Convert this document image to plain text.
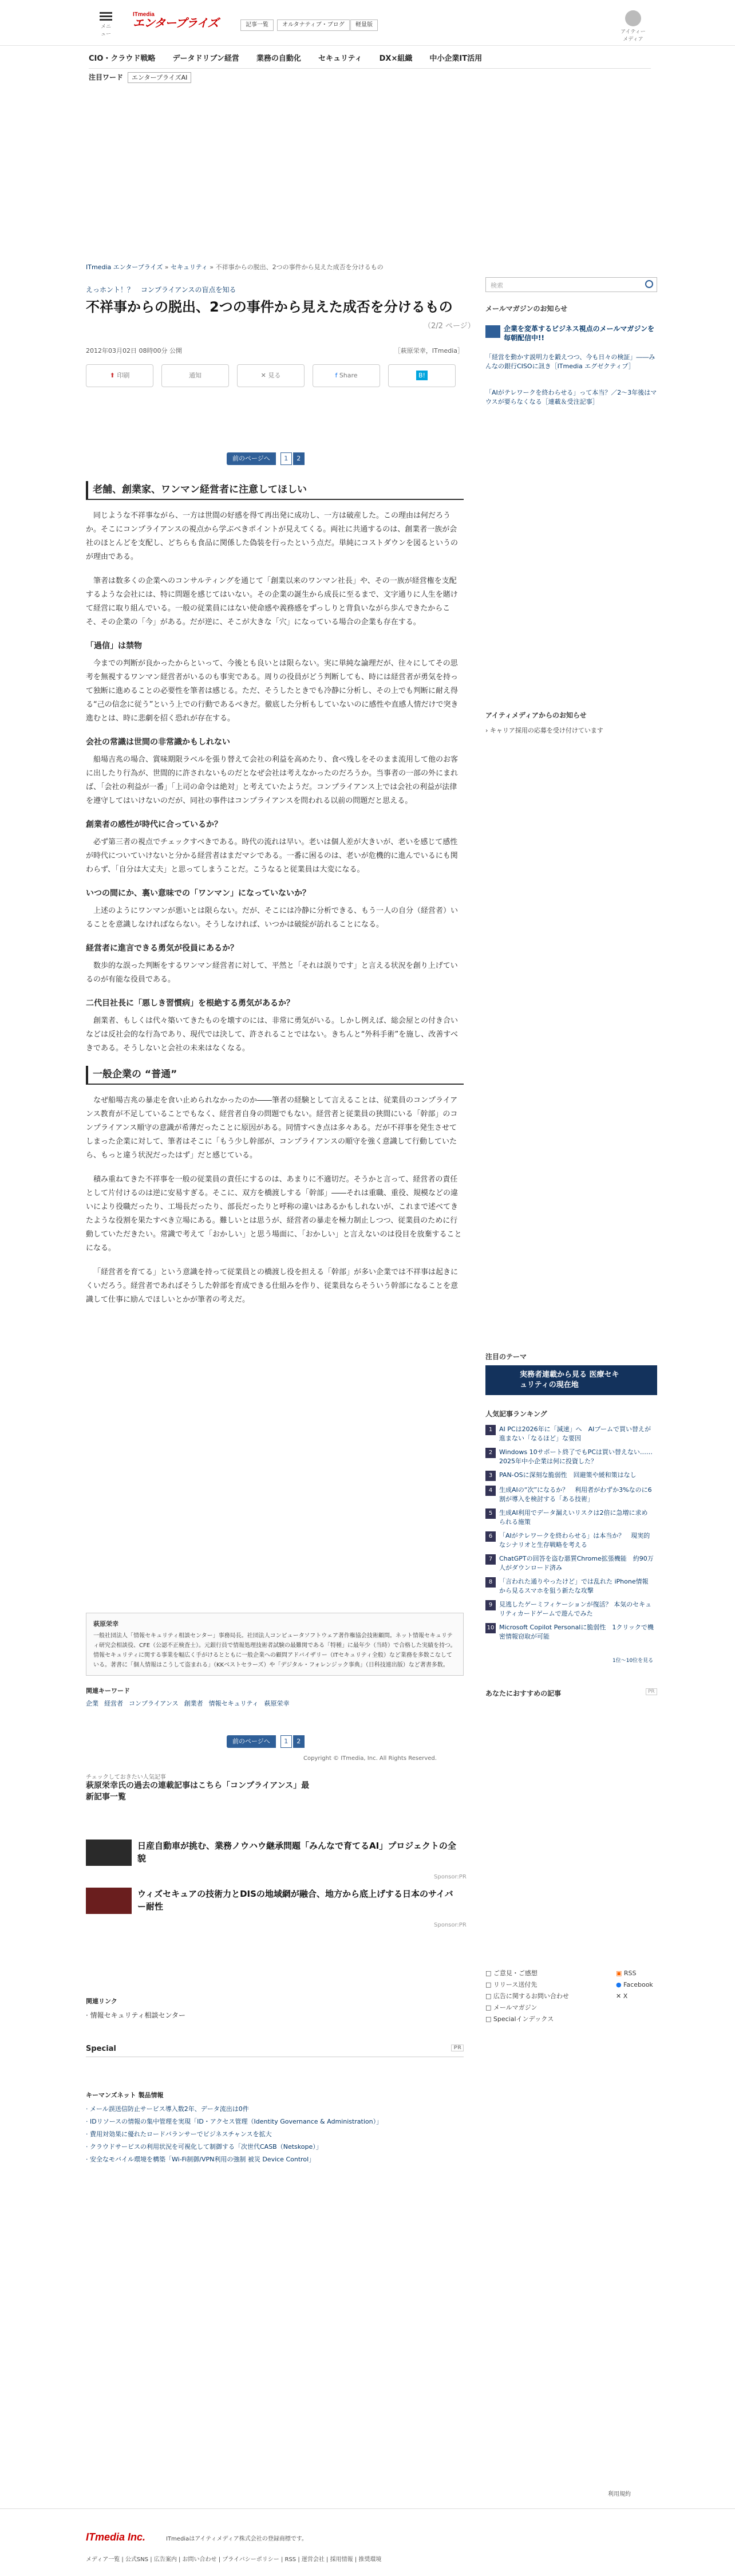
メニュー
ITmedia
エンタープライズ	記事一覧	オルタナティブ・ブログ	軽量版
アイティーメディア
CIO・クラウド戦略 データドリブン経営 業務の自動化 セキュリティ DX×組織 中小企業IT活用
注目ワード エンタープライズAI
ITmedia エンタープライズ » セキュリティ » 不祥事からの脱出、2つの事件から見えた成否を分けるもの
えっホント！？　コンプライアンスの盲点を知る
不祥事からの脱出、2つの事件から見えた成否を分けるもの
（2/2 ページ）
2012年03月02日 08時00分 公開	［萩原栄幸，ITmedia］
⬆ 印刷	通知	✕ 見る	f Share	B!
前のページへ 1 2
老舗、創業家、ワンマン経営者に注意してほしい

同じような不祥事ながら、一方は世間の好感を得て再出発に成功し、一方は破産した。この理由は何だろうか。そこにコンプライアンスの視点から学ぶべきポイントが見えてくる。両社に共通するのは、創業者一族が会社のほとんどを支配し、どちらも食品に関係した偽装を行ったという点だ。単純にコストダウンを図るというのが理由である。

筆者は数多くの企業へのコンサルティングを通じて「創業以来のワンマン社長」や、その一族が経営権を支配するような会社には、特に問題を感じてはいない。その企業の誕生から成長に至るまで、文字通りに人生を賭けて経営に取り組んでいる。一般の従業員にはない使命感や義務感をずっしりと背負いながら歩んできたからこそ、その企業の「今」がある。だが逆に、そこが大きな「穴」になっている場合の企業も存在する。

「過信」は禁物

今までの判断が良かったからといって、今後とも良いとは限らない。実に単純な論理だが、往々にしてその思考を無視するワンマン経営者がいるのも事実である。周りの役員がどう判断しても、時には経営者が勇気を持って独断に進めることの必要性を筆者は感じる。ただ、そうしたときでも冷静に分析し、その上でも判断に耐え得る“己の信念に従う”という上での行動であるべきだ。徹底した分析もしていないのに感性や直感人情だけで突き進むとは、時に悲劇を招く恐れが存在する。

会社の常識は世間の非常識かもしれない

船場吉兆の場合、賞味期限ラベルを張り替えて会社の利益を高めたり、食べ残しをそのまま流用して他のお客に出したり行為が、世間的に許されないものだとなぜ会社は考えなかったのだろうか。当事者の一部の外にまれば、「会社の利益が一番」「上司の命令は絶対」と考えていたようだ。コンプライアンス上では会社の利益が法律を遵守してはいけないのだが、同社の事件はコンプライアンスを問われる以前の問題だと思える。

創業者の感性が時代に合っているか？

必ず第三者の視点でチェックすべきである。時代の流れは早い。老いは個人差が大きいが、老いを感じて感性が時代についていけないと分かる経営者はまだマシである。一番に困るのは、老いが危機的に進んでいるにも関わらず、「自分は大丈夫」と思ってしまうことだ。こうなると従業員は大変になる。

いつの間にか、裏い意味での「ワンマン」になっていないか？

上述のようにワンマンが悪いとは限らない。だが、そこには冷静に分析できる、もう一人の自分（経営者）いることを意識しなければならない。そうしなければ、いつかは破綻が訪れることになる。

経営者に進言できる勇気が役員にあるか？

数歩的な誤った判断をするワンマン経営者に対して、平然と「それは誤りです」と言える状況を創り上げているのが有能な役員である。

二代目社長に「悪しき習慣病」を根絶する勇気があるか？

創業者、もしくは代々築いてきたものを壊すのには、非常に勇気がいる。しかし例えば、総会屋との付き合いなどは反社会的な行為であり、現代では決して、許されることではない。きちんと“外科手術”を施し、改善すべきである。そうしないと会社の未来はなくなる。

一般企業の “普通”

なぜ船場吉兆の暴走を食い止められなかったのか――筆者の経験として言えることは、従業員のコンプライアンス教育が不足していることでもなく、経営者自身の問題でもない。経営者と従業員の狭間にいる「幹部」のコンプライアンス順守の意識が希薄だったことに原因がある。同情すべき点は多々ある。だが不祥事を発生させてしまった企業に対して、筆者はそこに「もう少し幹部が、コンプライアンスの順守を強く意識して行動していたら、もっと違う状況だったはず」だと感じている。

積み重ねてきた不祥事を一般の従業員の責任にするのは、あまりに不適切だ。そうかと言って、経営者の責任として片付けるのは逆に安易すぎる。そこに、双方を橋渡しする「幹部」――それは重職、重役、規模などの違いにより役職だったり、工場長だったり、部長だったりと呼称の違いはあるかもしれないが、これまで述べてきたような役割を果たすべき立場にある。難しいとは思うが、経営者の暴走を極力制止しつつ、従業員のために行動していただきたい。常識で考えて「おかしい」と思う場面に、「おかしい」と言えないのは役目を放棄することになる。

「経営者を育てる」という意識を持って従業員との橋渡し役を担える「幹部」が多い企業では不祥事は起きにくいだろう。経営者であればそうした幹部を育成できる仕組みを作り、従業員ならそういう幹部になることを意識して仕事に励んでほしいとかが筆者の考えだ。

萩原栄幸
一般社団法人「情報セキュリティ相談センター」事務局長。社団法人コンピュータソフトウェア著作権協会技術顧問。ネット情報セキュリティ研究会相談役、CFE（公認不正検査士）。元銀行員で情報処理技術者試験の最難関である「特種」に最年少（当時）で合格した実績を持つ。情報セキュリティに関する事業を幅広く手がけるとともに一般企業への顧問アドバイザリー（ITセキュリティ全般）など業務を多数こなしている。著書に「個人情報はこうして盗まれる」（KKベストセラーズ）や「デジタル・フォレンジック事典」（日科技連出版）など著書多数。
関連キーワード
企業 経営者 コンプライアンス 創業者 情報セキュリティ 萩原栄幸
前のページへ 1 2
Copyright © ITmedia, Inc. All Rights Reserved.
チェックしておきたい人気記事
萩原栄幸氏の過去の連載記事はこちら「コンプライアンス」最新記事一覧
日産自動車が挑む、業務ノウハウ継承問題「みんなで育てるAI」プロジェクトの全貌
Sponsor:PR
ウィズセキュアの技術力とDISの地域網が融合、地方から底上げする日本のサイバー耐性
Sponsor:PR
関連リンク
· 情報セキュリティ相談センター
Special	PR
キーマンズネット 製品情報
· メール誤送信防止サービス導入数2年、データ流出は0件
· IDリソースの情報の集中管理を実現「ID・アクセス管理（Identity Governance & Administration）」
· 費用対効果に優れたロードバランサーでビジネスチャンスを拡大
· クラウドサービスの利用状況を可視化して制御する「次世代CASB（Netskope）」
· 安全なモバイル環境を構築「Wi-Fi制御/VPN利用の強制 被災 Device Control」
検索
メールマガジンのお知らせ
企業を変革するビジネス視点のメールマガジンを毎朝配信中!!
「経営を動かす説明力を鍛えつつ、今も日々の検証」――みんなの銀行CISOに訊き［ITmedia エグゼクティブ］
「AIがテレワークを終わらせる」って本当？／2〜3年後はマウスが要らなくなる［連載＆受注記事］
アイティメディアからのお知らせ
› キャリア採用の応募を受け付けています
注目のテーマ
実務者連載から見る 医療セキュリティの現在地
人気記事ランキング
1 AI PCは2026年に「減速」へ　AIブームで買い替えが進まない「なるほど」な要因
2 Windows 10サポート終了でもPCは買い替えない……　2025年中小企業は何に投資した？
3 PAN-OSに深刻な脆弱性　回避策や緩和策はなし
4 生成AIの“次”になるか？　利用者がわずか3%なのに6割が導入を検討する「ある技術」
5 生成AI利用でデータ漏えいリスクは2倍に急増に求められる施策
6 「AIがテレワークを終わらせる」は本当か？　現実的なシナリオと生存戦略を考える
7 ChatGPTの回答を盗む悪質Chrome拡張機能　約90万人がダウンロード済み
8 「言われた通りやったけど」では乱れた iPhone情報から見るスマホを狙う新たな攻撃
9 見逃したゲーミフィケーションが復活？ 本気のセキュリティカードゲームで遊んでみた
10 Microsoft Copilot Personalに脆弱性　1クリックで機密情報窃取が可能
1位〜10位を見る
あなたにおすすめの記事	PR
□ ご意見・ご感想
□ リリース送付先
□ 広告に関するお問い合わせ
□ メールマガジン
□ Specialインデックス
▣ RSS
● Facebook
✕ X
利用規約
ITmedia Inc.	ITmediaはアイティメディア株式会社の登録商標です。
メディア一覧 | 公式SNS | 広告案内 | お問い合わせ | プライバシーポリシー | RSS | 運営会社 | 採用情報 | 推奨環境
